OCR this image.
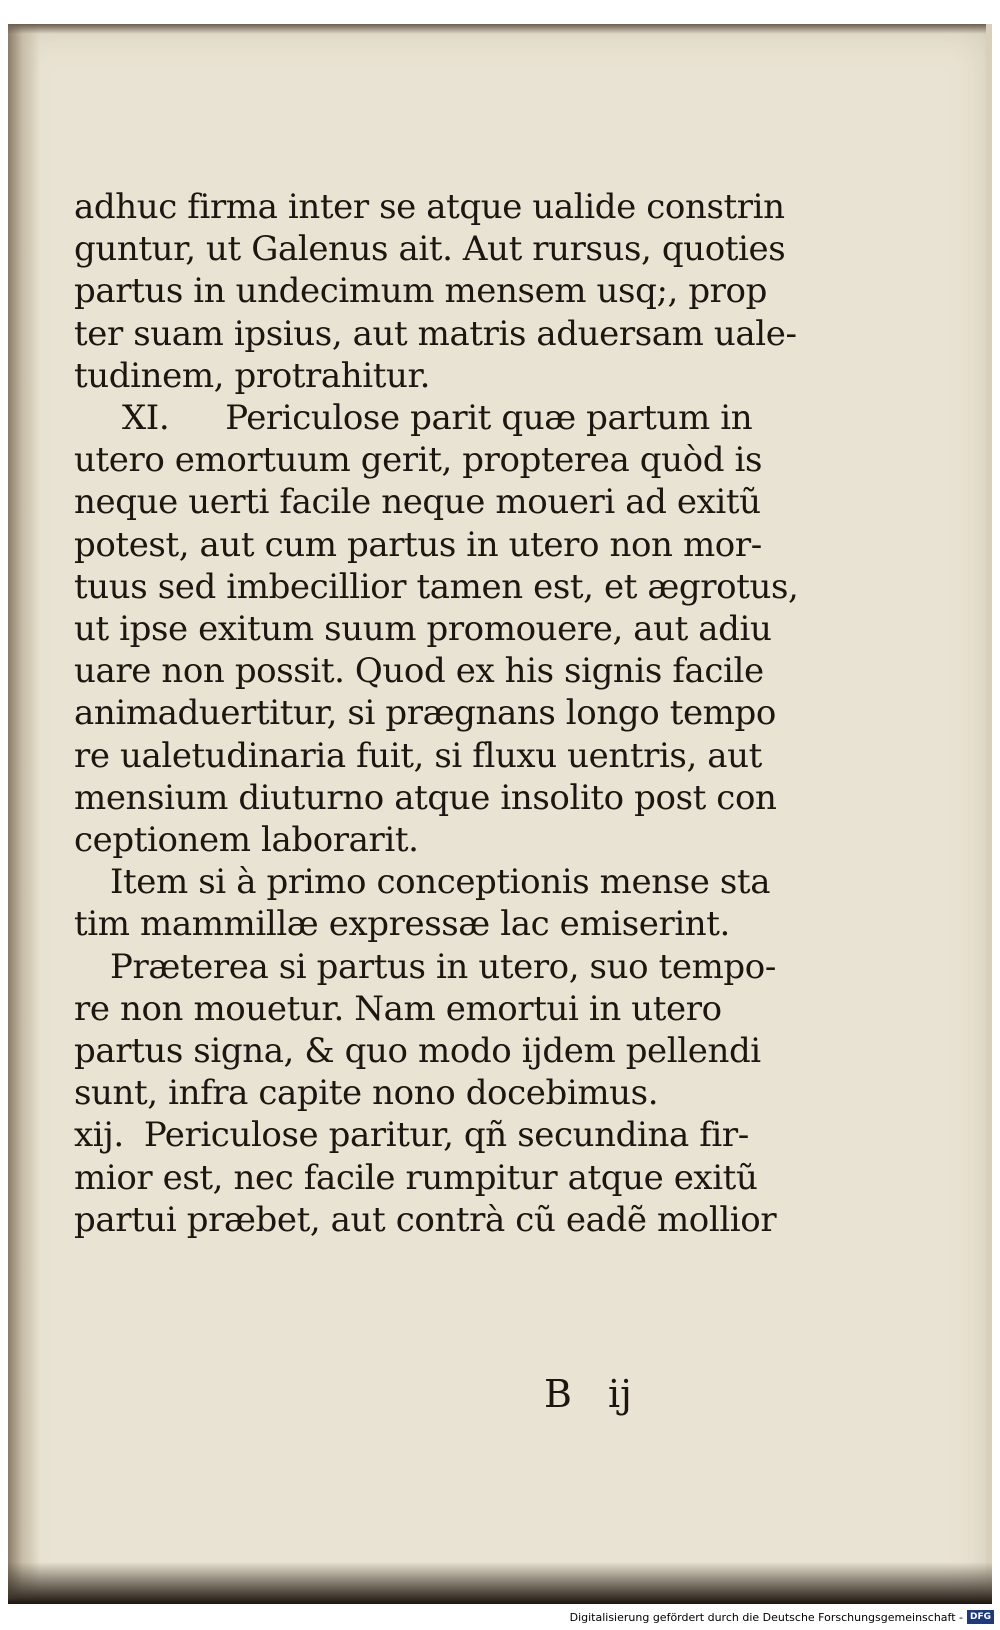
adhuc firma inter se atque ualide constrin
guntur, ut Galenus ait. Aut rursus, quoties
partus in undecimum mensem usq;, prop
ter suam ipsius, aut matris aduersam uale-
tudinem, protrahitur.
XI. Periculose parit quæ partum in
utero emortuum gerit, propterea quòd is
neque uerti facile neque moueri ad exitũ
potest, aut cum partus in utero non mor-
tuus sed imbecillior tamen est, et ægrotus,
ut ipse exitum suum promouere, aut adiu
uare non possit. Quod ex his signis facile
animaduertitur, si prægnans longo tempo
re ualetudinaria fuit, si fluxu uentris, aut
mensium diuturno atque insolito post con
ceptionem laborarit.
Item si à primo conceptionis mense sta
tim mammillæ expressæ lac emiserint.
Præterea si partus in utero, suo tempo-
re non mouetur. Nam emortui in utero
partus signa, & quo modo ijdem pellendi
sunt, infra capite nono docebimus.
xij. Periculose paritur, qñ secundina fir-
mior est, nec facile rumpitur atque exitũ
partui præbet, aut contrà cũ eadẽ mollior
B ij
Digitalisierung gefördert durch die Deutsche Forschungsgemeinschaft - DFG
